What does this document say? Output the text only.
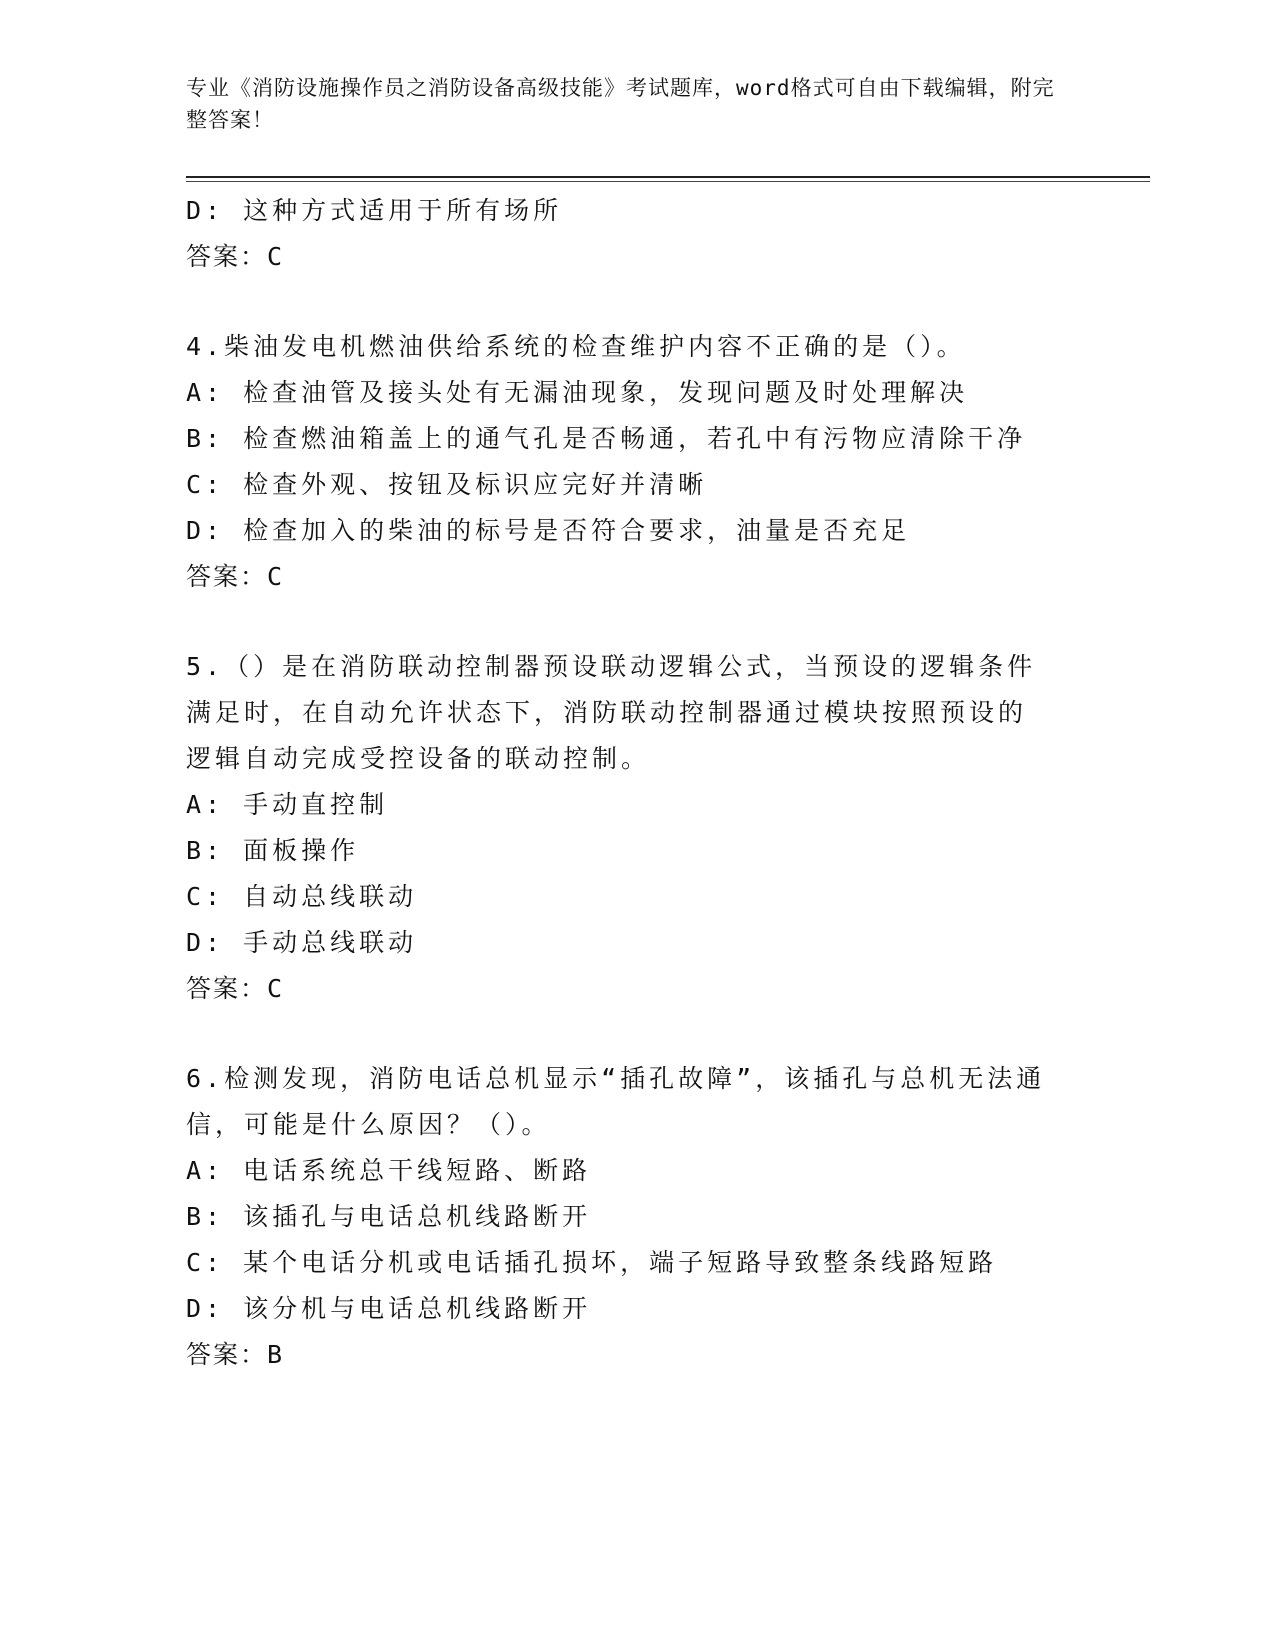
专业《消防设施操作员之消防设备高级技能》考试题库，word格式可自由下载编辑，附完整答案！
D: 这种方式适用于所有场所
答案：C
4.柴油发电机燃油供给系统的检查维护内容不正确的是（）。
A: 检查油管及接头处有无漏油现象，发现问题及时处理解决
B: 检查燃油箱盖上的通气孔是否畅通，若孔中有污物应清除干净
C: 检查外观、按钮及标识应完好并清晰
D: 检查加入的柴油的标号是否符合要求，油量是否充足
答案：C
5.（）是在消防联动控制器预设联动逻辑公式，当预设的逻辑条件满足时，在自动允许状态下，消防联动控制器通过模块按照预设的逻辑自动完成受控设备的联动控制。
A: 手动直控制
B: 面板操作
C: 自动总线联动
D: 手动总线联动
答案：C
6.检测发现，消防电话总机显示“插孔故障”，该插孔与总机无法通信，可能是什么原因？（）。
A: 电话系统总干线短路、断路
B: 该插孔与电话总机线路断开
C: 某个电话分机或电话插孔损坏，端子短路导致整条线路短路
D: 该分机与电话总机线路断开
答案：B
